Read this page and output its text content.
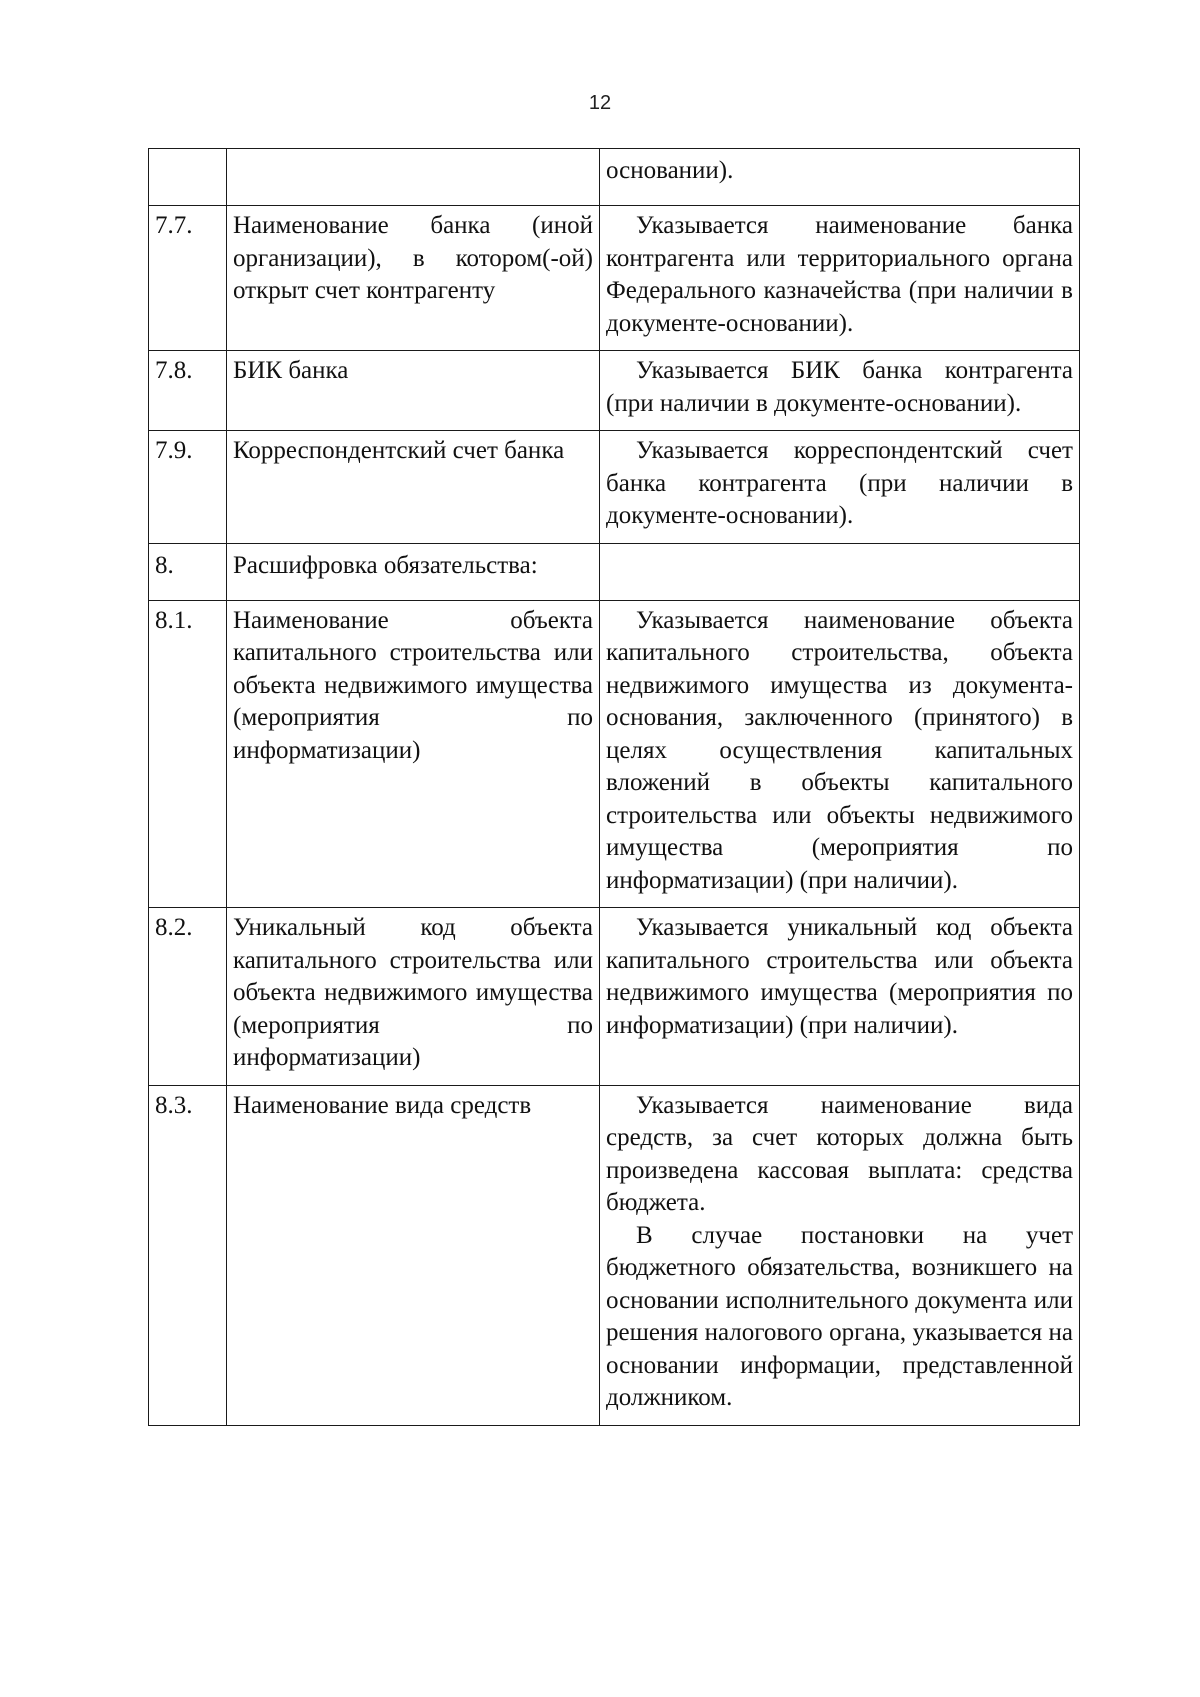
12

		основании).

7.7.	Наименование банка (иной организации), в котором(-ой) открыт счет контрагенту	Указывается наименование банка контрагента или территориального органа Федерального казначейства (при наличии в документе-основании).

7.8.	БИК банка	Указывается БИК банка контрагента (при наличии в документе-основании).

7.9.	Корреспондентский счет банка	Указывается корреспондентский счет банка контрагента (при наличии в документе-основании).

8.	Расшифровка обязательства:	

8.1.	Наименование объекта капитального строительства или объекта недвижимого имущества (мероприятия по информатизации)	Указывается наименование объекта капитального строительства, объекта недвижимого имущества из документа-основания, заключенного (принятого) в целях осуществления капитальных вложений в объекты капитального строительства или объекты недвижимого имущества (мероприятия по информатизации) (при наличии).

8.2.	Уникальный код объекта капитального строительства или объекта недвижимого имущества (мероприятия по информатизации)	Указывается уникальный код объекта капитального строительства или объекта недвижимого имущества (мероприятия по информатизации) (при наличии).

8.3.	Наименование вида средств	Указывается наименование вида средств, за счет которых должна быть произведена кассовая выплата: средства бюджета.

В случае постановки на учет бюджетного обязательства, возникшего на основании исполнительного документа или решения налогового органа, указывается на основании информации, представленной должником.
